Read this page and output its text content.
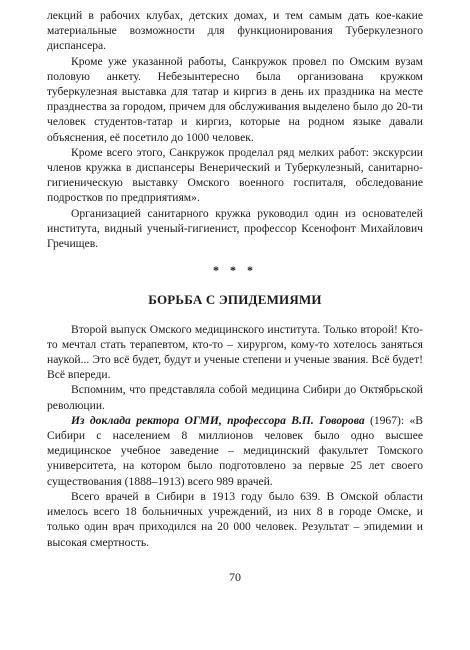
лекций в рабочих клубах, детских домах, и тем самым дать кое-какие материальные возможности для функционирования Туберкулезного диспансера.

Кроме уже указанной работы, Санкружок провел по Омским вузам половую анкету. Небезынтересно была организована кружком туберкулезная выставка для татар и киргиз в день их праздника на месте празднества за городом, причем для обслуживания выделено было до 20-ти человек студентов-татар и киргиз, которые на родном языке давали объяснения, её посетило до 1000 человек.

Кроме всего этого, Санкружок проделал ряд мелких работ: экскурсии членов кружка в диспансеры Венерический и Туберкулезный, санитарно-гигиеническую выставку Омского военного госпиталя, обследование подростков по предприятиям».

Организацией санитарного кружка руководил один из основателей института, видный ученый-гигиенист, профессор Ксенофонт Михайлович Гречищев.

* * *

БОРЬБА С ЭПИДЕМИЯМИ

Второй выпуск Омского медицинского института. Только второй! Кто-то мечтал стать терапевтом, кто-то – хирургом, кому-то хотелось заняться наукой... Это всё будет, будут и ученые степени и ученые звания. Всё будет! Всё впереди.

Вспомним, что представляла собой медицина Сибири до Октябрьской революции.

Из доклада ректора ОГМИ, профессора В.П. Говорова (1967): «В Сибири с населением 8 миллионов человек было одно высшее медицинское учебное заведение – медицинский факультет Томского университета, на котором было подготовлено за первые 25 лет своего существования (1888–1913) всего 989 врачей.

Всего врачей в Сибири в 1913 году было 639. В Омской области имелось всего 18 больничных учреждений, из них 8 в городе Омске, и только один врач приходился на 20 000 человек. Результат – эпидемии и высокая смертность.

70
